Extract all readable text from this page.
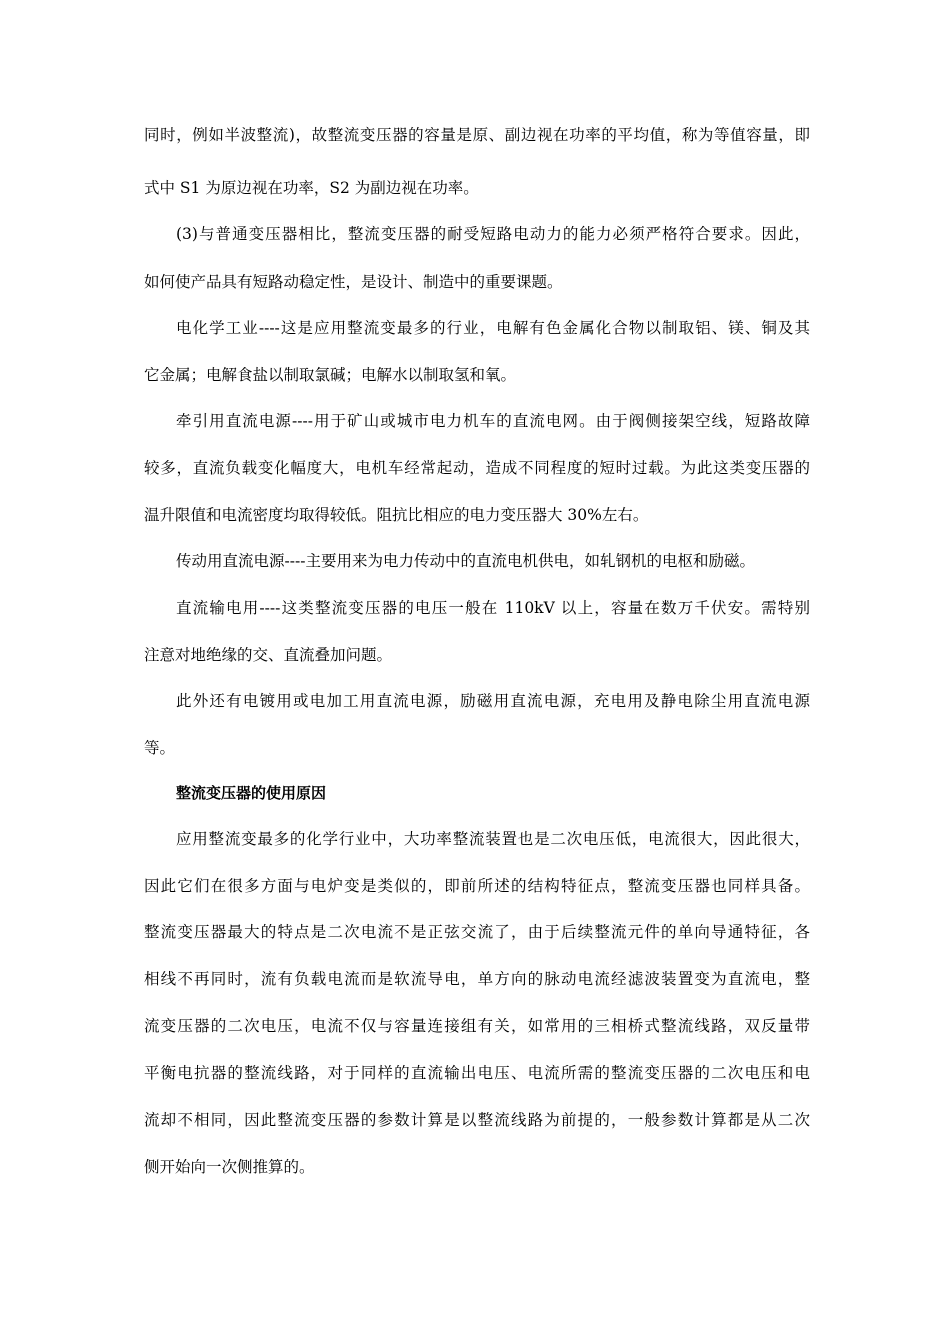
同时，例如半波整流)，故整流变压器的容量是原、副边视在功率的平均值，称为等值容量，即
式中 S1 为原边视在功率，S2 为副边视在功率。
(3)与普通变压器相比，整流变压器的耐受短路电动力的能力必须严格符合要求。因此，
如何使产品具有短路动稳定性，是设计、制造中的重要课题。
电化学工业----这是应用整流变最多的行业，电解有色金属化合物以制取铝、镁、铜及其
它金属；电解食盐以制取氯碱；电解水以制取氢和氧。
牵引用直流电源----用于矿山或城市电力机车的直流电网。由于阀侧接架空线，短路故障
较多，直流负载变化幅度大，电机车经常起动，造成不同程度的短时过载。为此这类变压器的
温升限值和电流密度均取得较低。阻抗比相应的电力变压器大 30%左右。
传动用直流电源----主要用来为电力传动中的直流电机供电，如轧钢机的电枢和励磁。
直流输电用----这类整流变压器的电压一般在 110kV 以上，容量在数万千伏安。需特别
注意对地绝缘的交、直流叠加问题。
此外还有电镀用或电加工用直流电源，励磁用直流电源，充电用及静电除尘用直流电源
等。
整流变压器的使用原因
应用整流变最多的化学行业中，大功率整流装置也是二次电压低，电流很大，因此很大，
因此它们在很多方面与电炉变是类似的，即前所述的结构特征点，整流变压器也同样具备。
整流变压器最大的特点是二次电流不是正弦交流了，由于后续整流元件的单向导通特征，各
相线不再同时，流有负载电流而是软流导电，单方向的脉动电流经滤波装置变为直流电，整
流变压器的二次电压，电流不仅与容量连接组有关，如常用的三相桥式整流线路，双反量带
平衡电抗器的整流线路，对于同样的直流输出电压、电流所需的整流变压器的二次电压和电
流却不相同，因此整流变压器的参数计算是以整流线路为前提的，一般参数计算都是从二次
侧开始向一次侧推算的。
